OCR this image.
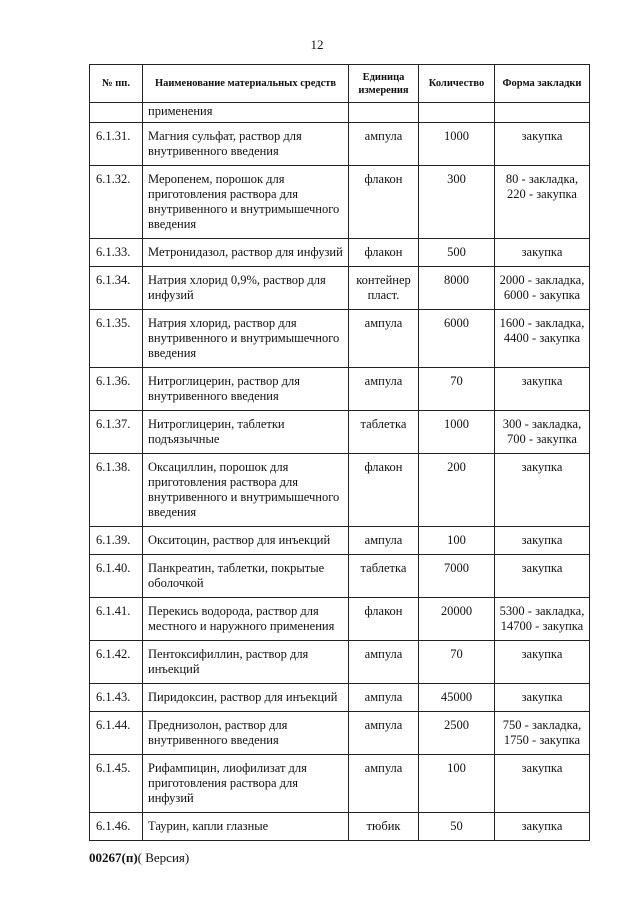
12
№ пп.	Наименование материальных средств	Единица измерения	Количество	Форма закладки
	применения			
6.1.31.	Магния сульфат, раствор для внутривенного введения	ампула	1000	закупка
6.1.32.	Меропенем, порошок для приготовления раствора для внутривенного и внутримышечного введения	флакон	300	80 - закладка, 220 - закупка
6.1.33.	Метронидазол, раствор для инфузий	флакон	500	закупка
6.1.34.	Натрия хлорид 0,9%, раствор для инфузий	контейнер пласт.	8000	2000 - закладка, 6000 - закупка
6.1.35.	Натрия хлорид, раствор для внутривенного и внутримышечного введения	ампула	6000	1600 - закладка, 4400 - закупка
6.1.36.	Нитроглицерин, раствор для внутривенного введения	ампула	70	закупка
6.1.37.	Нитроглицерин, таблетки подъязычные	таблетка	1000	300 - закладка, 700 - закупка
6.1.38.	Оксациллин, порошок для приготовления раствора для внутривенного и внутримышечного введения	флакон	200	закупка
6.1.39.	Окситоцин, раствор для инъекций	ампула	100	закупка
6.1.40.	Панкреатин, таблетки, покрытые оболочкой	таблетка	7000	закупка
6.1.41.	Перекись водорода, раствор для местного и наружного применения	флакон	20000	5300 - закладка, 14700 - закупка
6.1.42.	Пентоксифиллин, раствор для инъекций	ампула	70	закупка
6.1.43.	Пиридоксин, раствор для инъекций	ампула	45000	закупка
6.1.44.	Преднизолон, раствор для внутривенного введения	ампула	2500	750 - закладка, 1750 - закупка
6.1.45.	Рифампицин, лиофилизат для приготовления раствора для инфузий	ампула	100	закупка
6.1.46.	Таурин, капли глазные	тюбик	50	закупка
00267(п)( Версия)
